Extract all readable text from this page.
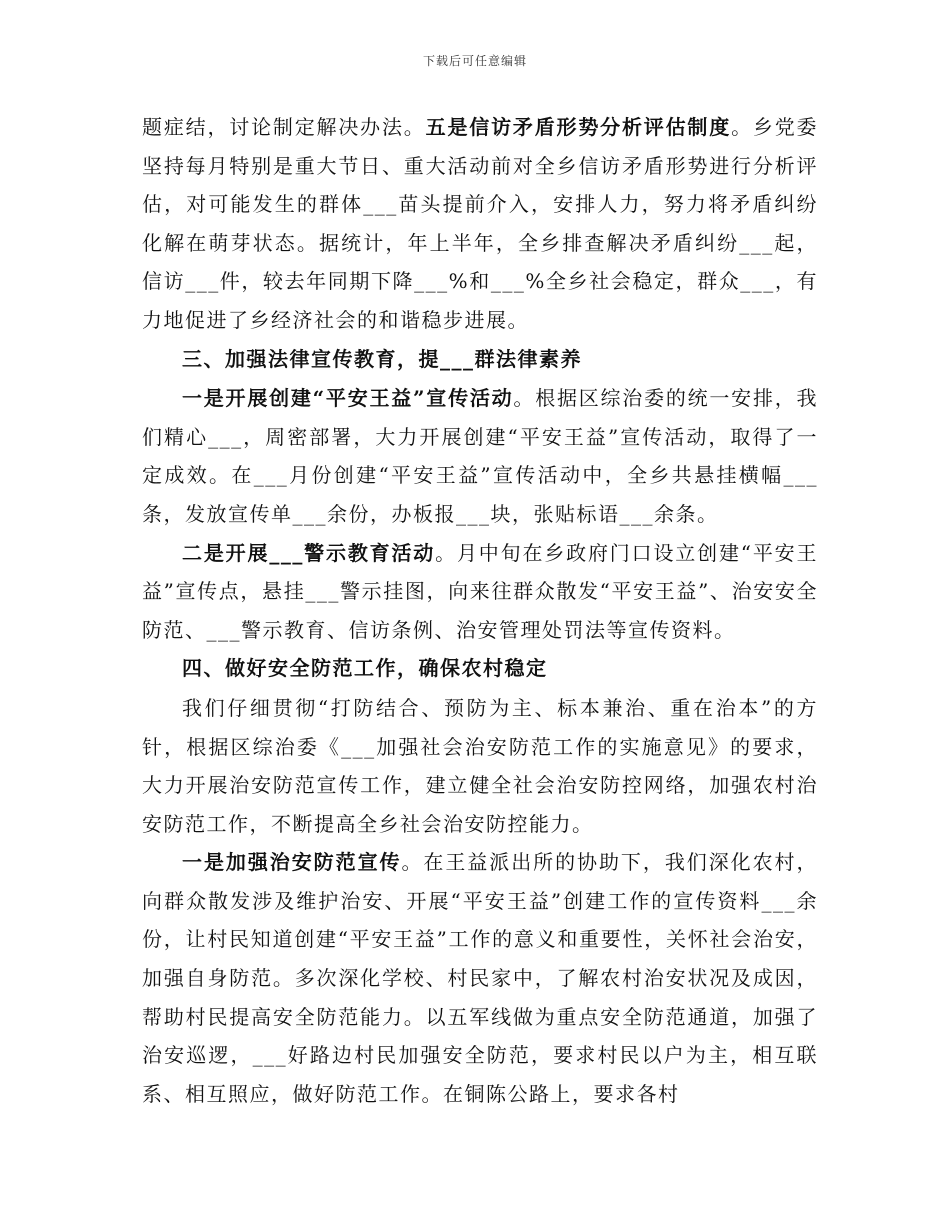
下载后可任意编辑

题症结，讨论制定解决办法。五是信访矛盾形势分析评估制度。乡党委坚持每月特别是重大节日、重大活动前对全乡信访矛盾形势进行分析评估，对可能发生的群体___苗头提前介入，安排人力，努力将矛盾纠纷化解在萌芽状态。据统计，年上半年，全乡排查解决矛盾纠纷___起，信访___件，较去年同期下降___%和___%全乡社会稳定，群众___，有力地促进了乡经济社会的和谐稳步进展。

三、加强法律宣传教育，提___群法律素养

一是开展创建“平安王益”宣传活动。根据区综治委的统一安排，我们精心___，周密部署，大力开展创建“平安王益”宣传活动，取得了一定成效。在___月份创建“平安王益”宣传活动中，全乡共悬挂横幅___条，发放宣传单___余份，办板报___块，张贴标语___余条。

二是开展___警示教育活动。月中旬在乡政府门口设立创建“平安王益”宣传点，悬挂___警示挂图，向来往群众散发“平安王益”、治安安全防范、___警示教育、信访条例、治安管理处罚法等宣传资料。

四、做好安全防范工作，确保农村稳定

我们仔细贯彻“打防结合、预防为主、标本兼治、重在治本”的方针，根据区综治委《___加强社会治安防范工作的实施意见》的要求，大力开展治安防范宣传工作，建立健全社会治安防控网络，加强农村治安防范工作，不断提高全乡社会治安防控能力。

一是加强治安防范宣传。在王益派出所的协助下，我们深化农村，向群众散发涉及维护治安、开展“平安王益”创建工作的宣传资料___余份，让村民知道创建“平安王益”工作的意义和重要性，关怀社会治安，加强自身防范。多次深化学校、村民家中，了解农村治安状况及成因，帮助村民提高安全防范能力。以五军线做为重点安全防范通道，加强了治安巡逻，___好路边村民加强安全防范，要求村民以户为主，相互联系、相互照应，做好防范工作。在铜陈公路上，要求各村
